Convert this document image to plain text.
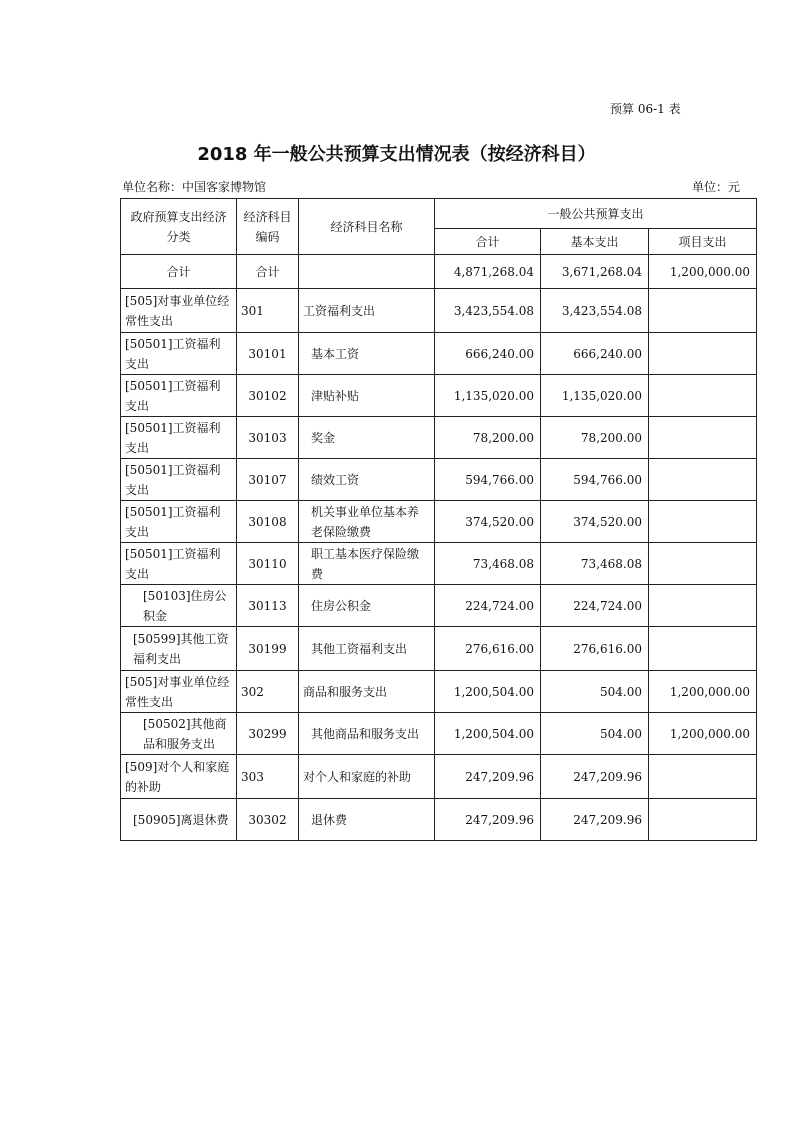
预算 06-1 表
2018 年一般公共预算支出情况表（按经济科目）
单位名称：中国客家博物馆	单位：元
政府预算支出经济分类	经济科目编码	经济科目名称	一般公共预算支出		
			合计	基本支出	项目支出
合计	合计		4,871,268.04	3,671,268.04	1,200,000.00
[505]对事业单位经常性支出	301	工资福利支出	3,423,554.08	3,423,554.08	
[50501]工资福利支出	30101	基本工资	666,240.00	666,240.00	
[50501]工资福利支出	30102	津贴补贴	1,135,020.00	1,135,020.00	
[50501]工资福利支出	30103	奖金	78,200.00	78,200.00	
[50501]工资福利支出	30107	绩效工资	594,766.00	594,766.00	
[50501]工资福利支出	30108	机关事业单位基本养老保险缴费	374,520.00	374,520.00	
[50501]工资福利支出	30110	职工基本医疗保险缴费	73,468.08	73,468.08	
[50103]住房公积金	30113	住房公积金	224,724.00	224,724.00	
[50599]其他工资福利支出	30199	其他工资福利支出	276,616.00	276,616.00	
[505]对事业单位经常性支出	302	商品和服务支出	1,200,504.00	504.00	1,200,000.00
[50502]其他商品和服务支出	30299	其他商品和服务支出	1,200,504.00	504.00	1,200,000.00
[509]对个人和家庭的补助	303	对个人和家庭的补助	247,209.96	247,209.96	
[50905]离退休费	30302	退休费	247,209.96	247,209.96	
